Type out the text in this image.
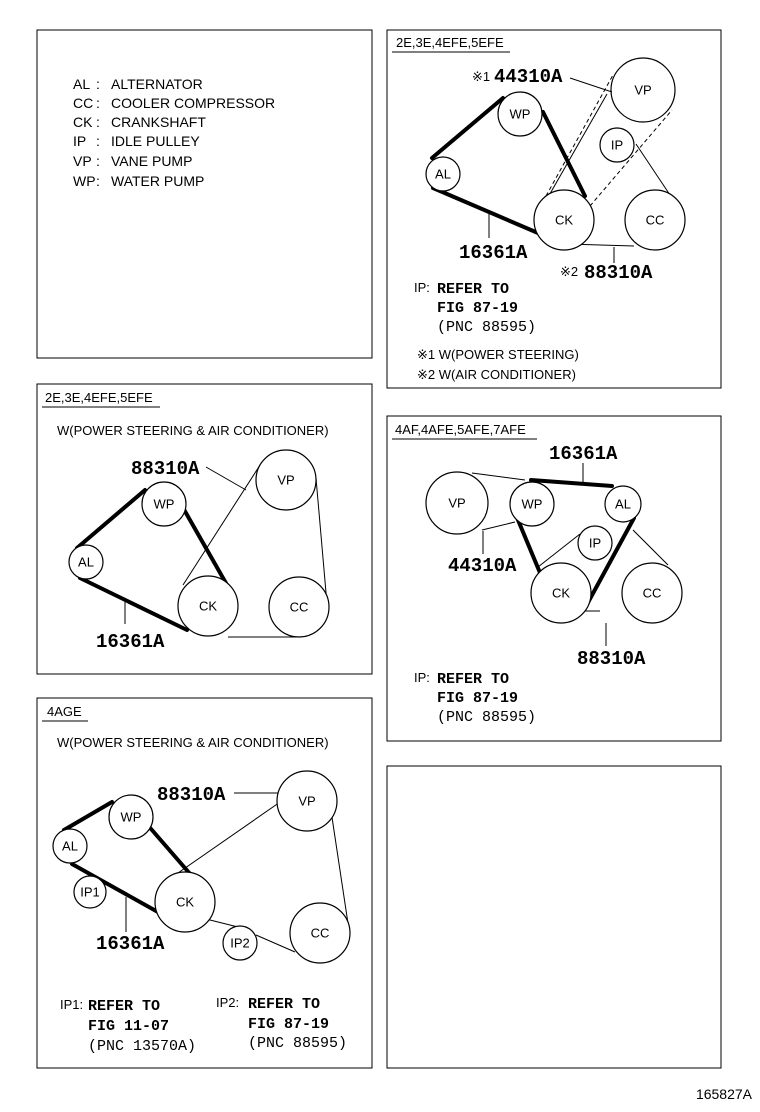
AL : ALTERNATOR
CC : COOLER COMPRESSOR
CK : CRANKSHAFT
IP : IDLE PULLEY
VP : VANE PUMP
WP : WATER PUMP
2E,3E,4EFE,5EFE
VP
WP
IP
AL
CK	CC
※1 44310A
16361A
※2 88310A
IP: REFER TO
FIG 87-19
(PNC 88595)
※1 W(POWER STEERING)
※2 W(AIR CONDITIONER)
2E,3E,4EFE,5EFE
W(POWER STEERING & AIR CONDITIONER)
VP
WP
AL
CK	CC
88310A
16361A
4AF,4AFE,5AFE,7AFE
VP	WP	AL
IP
CK	CC
16361A
44310A
88310A
IP: REFER TO
FIG 87-19
(PNC 88595)
4AGE
W(POWER STEERING & AIR CONDITIONER)
VP
WP
AL
IP1
CK
IP2
CC
88310A
16361A
IP1: REFER TO
FIG 11-07
(PNC 13570A)
IP2: REFER TO
FIG 87-19
(PNC 88595)
165827A
